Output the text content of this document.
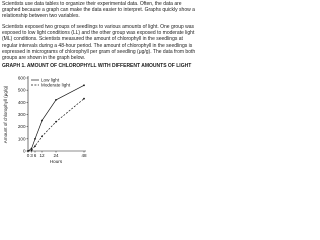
Scientists use data tables to organize their experimental data. Often, the data are graphed because a graph can make the data easier to interpret. Graphs quickly show a relationship between two variables.

Scientists exposed two groups of seedlings to various amounts of light. One group was exposed to low light conditions (LL) and the other group was exposed to moderate light (ML) conditions. Scientists measured the amount of chlorophyll in the seedlings at regular intervals during a 48-hour period. The amount of chlorophyll in the seedlings is expressed in micrograms of chlorophyll per gram of seedling (μg/g). The data from both groups are shown in the graph below.

GRAPH 1. AMOUNT OF CHLOROPHYLL WITH DIFFERENT AMOUNTS OF LIGHT
0
100
200
300
400
500
600
0 3 6 12 24	48
Hours
Amount of chlorophyll (μg/g)
Low light
Moderate light
